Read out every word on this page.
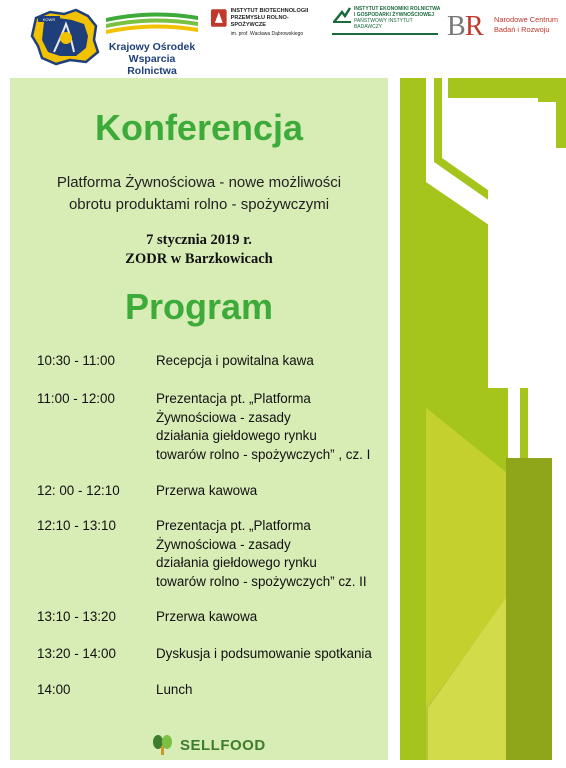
KOWR
Krajowy Ośrodek
Wsparcia Rolnictwa
INSTYTUT BIOTECHNOLOGII
PRZEMYSŁU ROLNO-SPOŻYWCZE
im. prof. Wacława Dąbrowskiego
INSTYTUT EKONOMIKI ROLNICTWA
I GOSPODARKI ŻYWNOŚCIOWEJ
PAŃSTWOWY INSTYTUT BADAWCZY	B R Narodowe Centrum
Badań i Rozwoju
Konferencja
Platforma Żywnościowa - nowe możliwości
obrotu produktami rolno - spożywczymi
7 stycznia 2019 r.
ZODR w Barzkowicach
Program
10:30 - 11:00	Recepcja i powitalna kawa
11:00 - 12:00	Prezentacja pt. „Platforma
Żywnościowa - zasady
działania giełdowego rynku
towarów rolno - spożywczych” , cz. I
12: 00 - 12:10	Przerwa kawowa
12:10 - 13:10	Prezentacja pt. „Platforma
Żywnościowa - zasady
działania giełdowego rynku
towarów rolno - spożywczych” cz. II
13:10 - 13:20	Przerwa kawowa
13:20 - 14:00	Dyskusja i podsumowanie spotkania
14:00	Lunch
SELLFOOD
